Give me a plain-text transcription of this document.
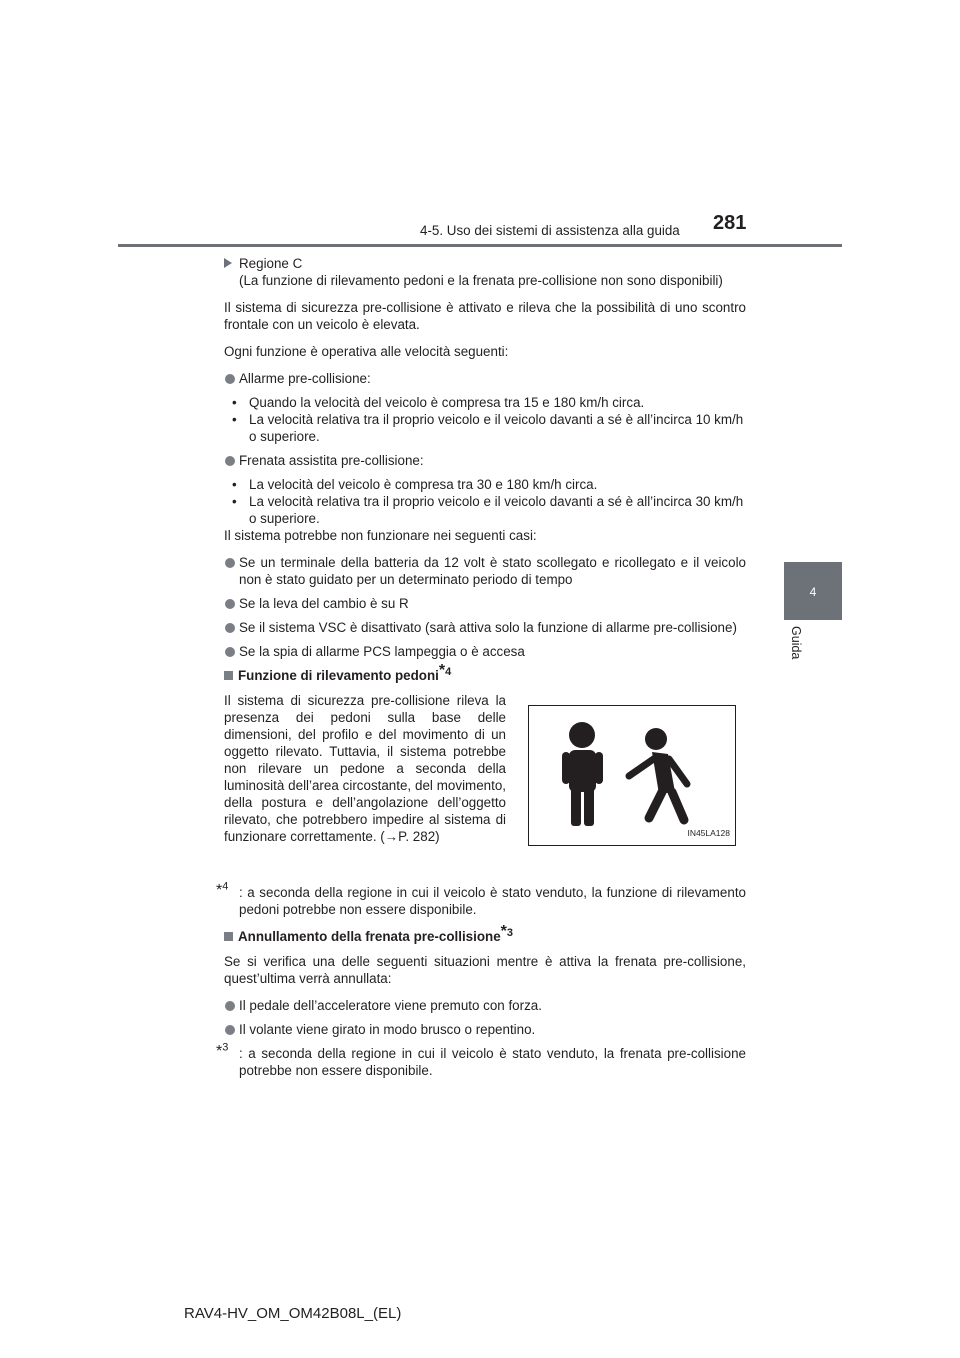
4-5. Uso dei sistemi di assistenza alla guida 281
4
Guida

Regione C

(La funzione di rilevamento pedoni e la frenata pre-collisione non sono disponibili)

Il sistema di sicurezza pre-collisione è attivato e rileva che la possibilità di uno scontro frontale con un veicolo è elevata.

Ogni funzione è operativa alle velocità seguenti:

Allarme pre-collisione:
• Quando la velocità del veicolo è compresa tra 15 e 180 km/h circa.
• La velocità relativa tra il proprio veicolo e il veicolo davanti a sé è all’incirca 10 km/h o superiore.
Frenata assistita pre-collisione:
• La velocità del veicolo è compresa tra 30 e 180 km/h circa.
• La velocità relativa tra il proprio veicolo e il veicolo davanti a sé è all’incirca 30 km/h o superiore.

Il sistema potrebbe non funzionare nei seguenti casi:

Se un terminale della batteria da 12 volt è stato scollegato e ricollegato e il veicolo non è stato guidato per un determinato periodo di tempo
Se la leva del cambio è su R
Se il sistema VSC è disattivato (sarà attiva solo la funzione di allarme pre-collisione)
Se la spia di allarme PCS lampeggia o è accesa
Funzione di rilevamento pedoni$^{*4}$

Il sistema di sicurezza pre-collisione rileva la presenza dei pedoni sulla base delle dimensioni, del profilo e del movimento di un oggetto rilevato. Tuttavia, il sistema potrebbe non rilevare un pedone a seconda della luminosità dell’area circostante, del movimento, della postura e dell’angolazione dell’oggetto rilevato, che potrebbero impedire al sistema di funzionare correttamente. (→P. 282)	IN45LA128
*$^4$ : a seconda della regione in cui il veicolo è stato venduto, la funzione di rilevamento pedoni potrebbe non essere disponibile.
Annullamento della frenata pre-collisione$^{*3}$

Se si verifica una delle seguenti situazioni mentre è attiva la frenata pre-collisione, quest’ultima verrà annullata:

Il pedale dell’acceleratore viene premuto con forza.
Il volante viene girato in modo brusco o repentino.
*$^3$ : a seconda della regione in cui il veicolo è stato venduto, la frenata pre-collisione potrebbe non essere disponibile.
RAV4-HV_OM_OM42B08L_(EL)
